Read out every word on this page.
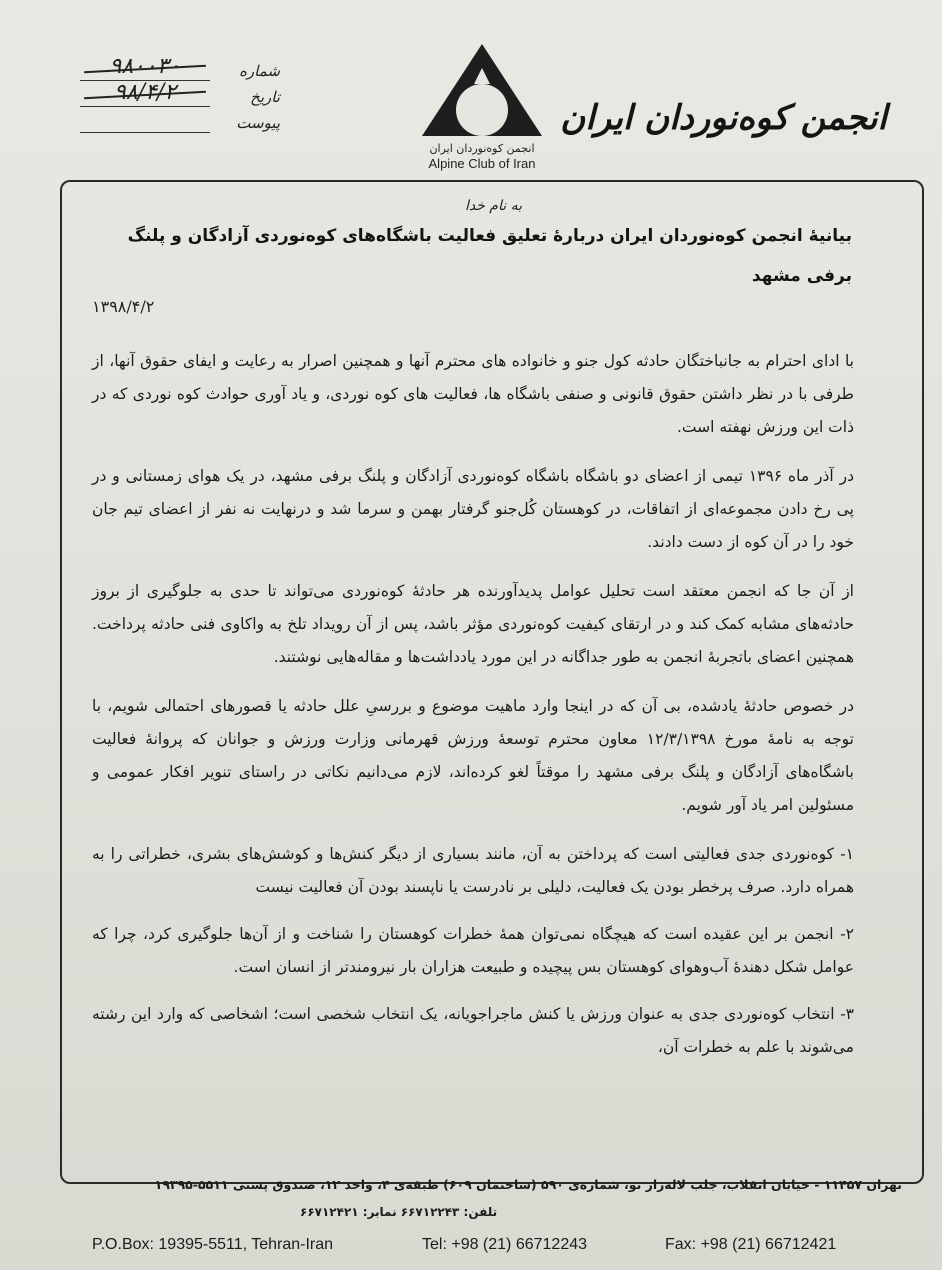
انجمن کوه‌نوردان ایران
انجمن کوه‌نوردان ایران
Alpine Club of Iran
شماره
۹۸۰۰۳۰
تاریخ
۹۸/۴/۲
پیوست
به نام خدا
بیانیهٔ انجمن کوه‌نوردان ایران دربارهٔ تعلیق فعالیت باشگاه‌های کوه‌نوردی آزادگان و پلنگ برفی مشهد
۱۳۹۸/۴/۲

با ادای احترام به جانباختگان حادثه کول جنو و خانواده های محترم آنها و همچنین اصرار به رعایت و ایفای حقوق آنها، از طرفی با در نظر داشتن حقوق قانونی و صنفی باشگاه ها، فعالیت های کوه نوردی، و یاد آوری حوادث کوه نوردی که در ذات این ورزش نهفته است.

در آذر ماه ۱۳۹۶ تیمی از اعضای دو باشگاه باشگاه کوه‌نوردی آزادگان و پلنگ برفی مشهد، در یک هوای زمستانی و در پی رخ دادن مجموعه‌ای از اتفاقات، در کوهستان کُل‌جنو گرفتار بهمن و سرما شد و درنهایت نه نفر از اعضای تیم جان خود را در آن کوه از دست دادند.

از آن جا که انجمن معتقد است تحلیل عوامل پدیدآورنده هر حادثهٔ کوه‌نوردی می‌تواند تا حدی به جلوگیری از بروز حادثه‌های مشابه کمک کند و در ارتقای کیفیت کوه‌نوردی مؤثر باشد، پس از آن رویداد تلخ به واکاوی فنی حادثه پرداخت. همچنین اعضای باتجربهٔ انجمن به طور جداگانه در این مورد یادداشت‌ها و مقاله‌هایی نوشتند.

در خصوص حادثهٔ یادشده، بی آن که در اینجا وارد ماهیت موضوع و بررسیِ علل حادثه یا قصورهای احتمالی شویم، با توجه به نامهٔ مورخ ۱۲/۳/۱۳۹۸ معاون محترم توسعهٔ ورزش قهرمانی وزارت ورزش و جوانان که پروانهٔ فعالیت باشگاه‌های آزادگان و پلنگ برفی مشهد را موقتاً لغو کرده‌اند، لازم می‌دانیم نکاتی در راستای تنویر افکار عمومی و مسئولین امر یاد آور شویم.

۱- کوه‌نوردی جدی فعالیتی است که پرداختن به آن، مانند بسیاری از دیگر کنش‌ها و کوشش‌های بشری، خطراتی را به همراه دارد. صرف پرخطر بودن یک فعالیت، دلیلی بر نادرست یا ناپسند بودن آن فعالیت نیست

۲- انجمن بر این عقیده است که هیچگاه نمی‌توان همهٔ خطرات کوهستان را شناخت و از آن‌ها جلوگیری کرد، چرا که عوامل شکل دهندهٔ آب‌وهوای کوهستان بس پیچیده و طبیعت هزاران بار نیرومندتر از انسان است.

۳- انتخاب کوه‌نوردی جدی به عنوان ورزش یا کنش ماجراجویانه، یک انتخاب شخصی است؛ اشخاصی که وارد این رشته می‌شوند با علم به خطرات آن،

تهران ۱۱۴۵۷ - خیابان انقلاب، جلب لاله‌زار نو، شماره‌ی ۵۹۰ (ساختمان ۶۰۹) طبقه‌ی ۴، واحد ۱۲، صندوق پستی ۵۵۱۱-۱۹۳۹۵
تلفن: ۶۶۷۱۲۲۴۳ نمابر: ۶۶۷۱۲۴۲۱
P.O.Box: 19395-5511, Tehran-Iran	Tel: +98 (21) 66712243	Fax: +98 (21) 66712421
